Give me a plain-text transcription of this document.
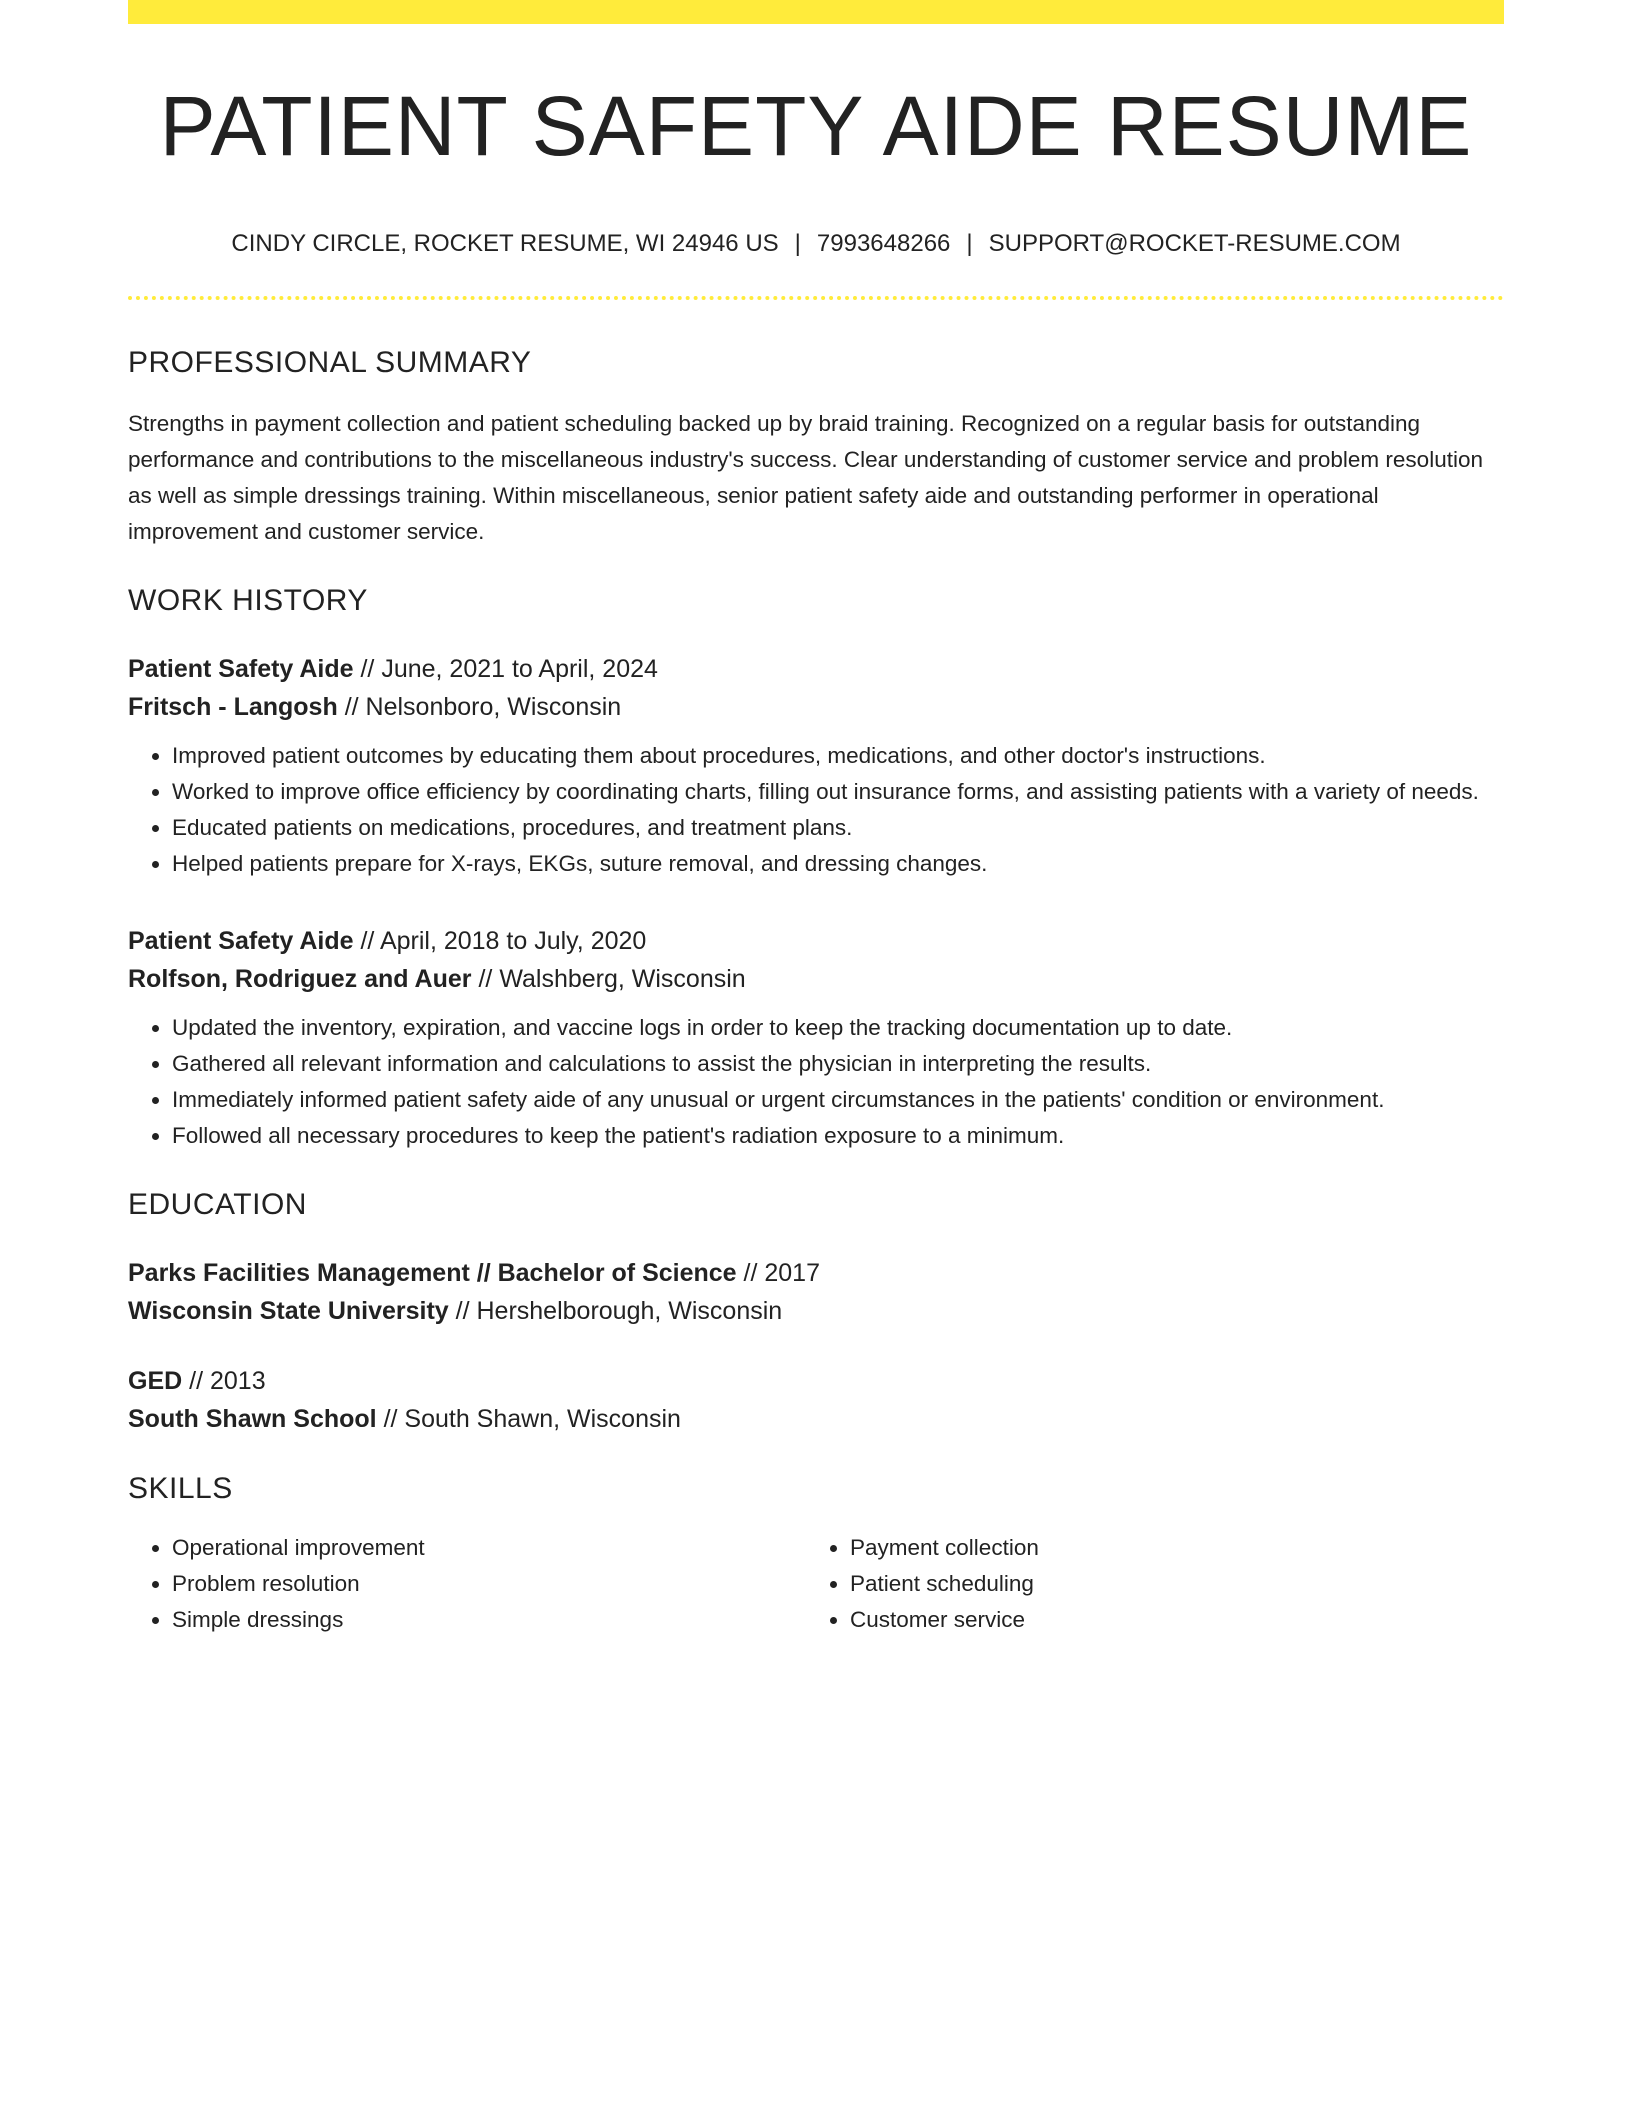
PATIENT SAFETY AIDE RESUME
CINDY CIRCLE, ROCKET RESUME, WI 24946 US | 7993648266 | SUPPORT@ROCKET-RESUME.COM
PROFESSIONAL SUMMARY

Strengths in payment collection and patient scheduling backed up by braid training. Recognized on a regular basis for outstanding performance and contributions to the miscellaneous industry's success. Clear understanding of customer service and problem resolution as well as simple dressings training. Within miscellaneous, senior patient safety aide and outstanding performer in operational improvement and customer service.

WORK HISTORY
Patient Safety Aide // June, 2021 to April, 2024
Fritsch - Langosh // Nelsonboro, Wisconsin
• Improved patient outcomes by educating them about procedures, medications, and other doctor's instructions.
• Worked to improve office efficiency by coordinating charts, filling out insurance forms, and assisting patients with a variety of needs.
• Educated patients on medications, procedures, and treatment plans.
• Helped patients prepare for X-rays, EKGs, suture removal, and dressing changes.
Patient Safety Aide // April, 2018 to July, 2020
Rolfson, Rodriguez and Auer // Walshberg, Wisconsin
• Updated the inventory, expiration, and vaccine logs in order to keep the tracking documentation up to date.
• Gathered all relevant information and calculations to assist the physician in interpreting the results.
• Immediately informed patient safety aide of any unusual or urgent circumstances in the patients' condition or environment.
• Followed all necessary procedures to keep the patient's radiation exposure to a minimum.
EDUCATION
Parks Facilities Management // Bachelor of Science // 2017
Wisconsin State University // Hershelborough, Wisconsin
GED // 2013
South Shawn School // South Shawn, Wisconsin
SKILLS
• Operational improvement
• Problem resolution
• Simple dressings
• Payment collection
• Patient scheduling
• Customer service
